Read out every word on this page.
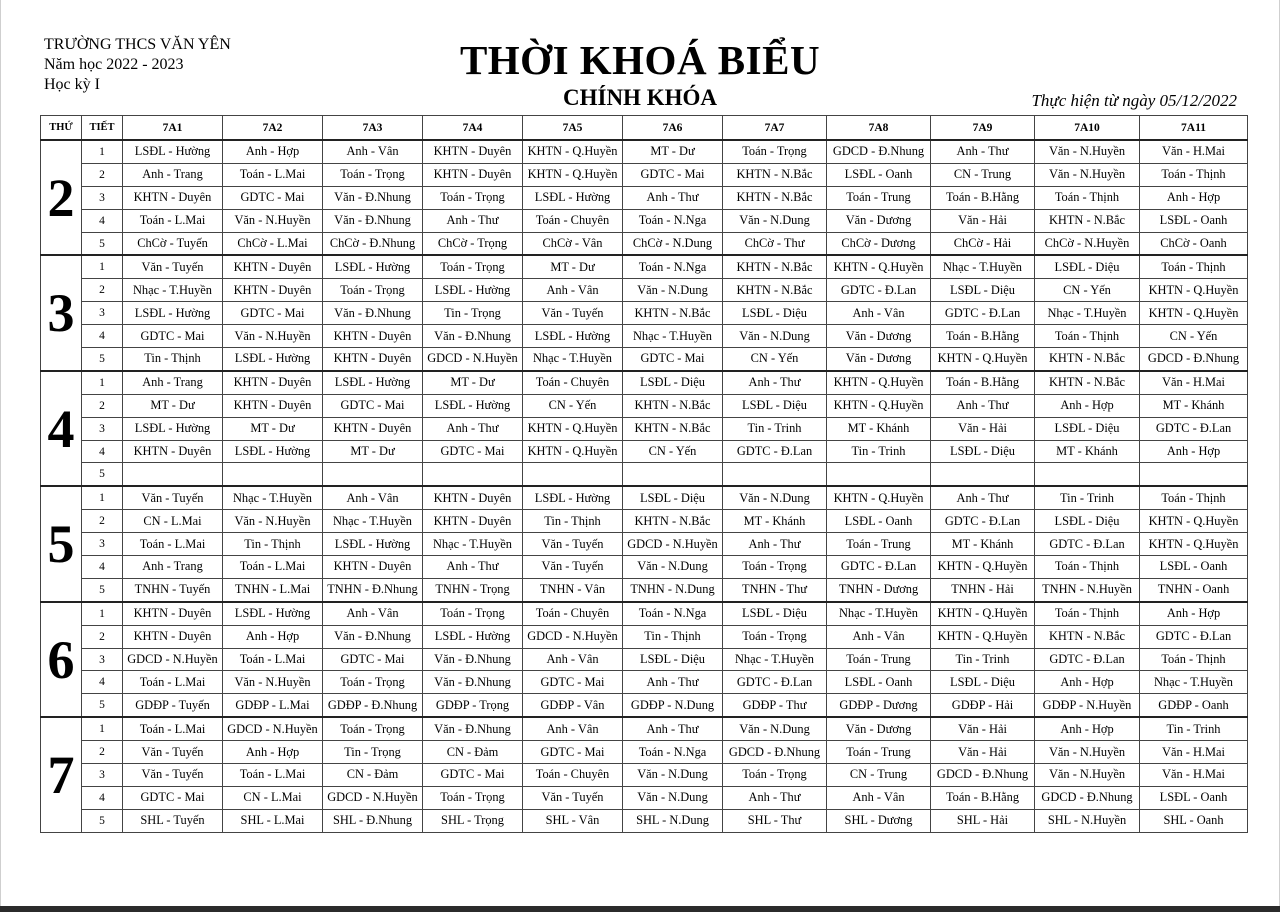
TRƯỜNG THCS VĂN YÊN
Năm học 2022 - 2023
Học kỳ I
THỜI KHOÁ BIỂU
CHÍNH KHÓA	Thực hiện từ ngày 05/12/2022
THỨ	TIẾT	7A1	7A2	7A3	7A4	7A5	7A6	7A7	7A8	7A9	7A10	7A11
2	1	LSĐL - Hường	Anh - Hợp	Anh - Vân	KHTN - Duyên	KHTN - Q.Huyền	MT - Dư	Toán - Trọng	GDCD - Đ.Nhung	Anh - Thư	Văn - N.Huyền	Văn - H.Mai
	2	Anh - Trang	Toán - L.Mai	Toán - Trọng	KHTN - Duyên	KHTN - Q.Huyền	GDTC - Mai	KHTN - N.Bắc	LSĐL - Oanh	CN - Trung	Văn - N.Huyền	Toán - Thịnh
	3	KHTN - Duyên	GDTC - Mai	Văn - Đ.Nhung	Toán - Trọng	LSĐL - Hường	Anh - Thư	KHTN - N.Bắc	Toán - Trung	Toán - B.Hằng	Toán - Thịnh	Anh - Hợp
	4	Toán - L.Mai	Văn - N.Huyền	Văn - Đ.Nhung	Anh - Thư	Toán - Chuyên	Toán - N.Nga	Văn - N.Dung	Văn - Dương	Văn - Hải	KHTN - N.Bắc	LSĐL - Oanh
	5	ChCờ - Tuyến	ChCờ - L.Mai	ChCờ - Đ.Nhung	ChCờ - Trọng	ChCờ - Vân	ChCờ - N.Dung	ChCờ - Thư	ChCờ - Dương	ChCờ - Hải	ChCờ - N.Huyền	ChCờ - Oanh
3	1	Văn - Tuyến	KHTN - Duyên	LSĐL - Hường	Toán - Trọng	MT - Dư	Toán - N.Nga	KHTN - N.Bắc	KHTN - Q.Huyền	Nhạc - T.Huyền	LSĐL - Diệu	Toán - Thịnh
	2	Nhạc - T.Huyền	KHTN - Duyên	Toán - Trọng	LSĐL - Hường	Anh - Vân	Văn - N.Dung	KHTN - N.Bắc	GDTC - Đ.Lan	LSĐL - Diệu	CN - Yến	KHTN - Q.Huyền
	3	LSĐL - Hường	GDTC - Mai	Văn - Đ.Nhung	Tin - Trọng	Văn - Tuyến	KHTN - N.Bắc	LSĐL - Diệu	Anh - Vân	GDTC - Đ.Lan	Nhạc - T.Huyền	KHTN - Q.Huyền
	4	GDTC - Mai	Văn - N.Huyền	KHTN - Duyên	Văn - Đ.Nhung	LSĐL - Hường	Nhạc - T.Huyền	Văn - N.Dung	Văn - Dương	Toán - B.Hằng	Toán - Thịnh	CN - Yến
	5	Tin - Thịnh	LSĐL - Hường	KHTN - Duyên	GDCD - N.Huyền	Nhạc - T.Huyền	GDTC - Mai	CN - Yến	Văn - Dương	KHTN - Q.Huyền	KHTN - N.Bắc	GDCD - Đ.Nhung
4	1	Anh - Trang	KHTN - Duyên	LSĐL - Hường	MT - Dư	Toán - Chuyên	LSĐL - Diệu	Anh - Thư	KHTN - Q.Huyền	Toán - B.Hằng	KHTN - N.Bắc	Văn - H.Mai
	2	MT - Dư	KHTN - Duyên	GDTC - Mai	LSĐL - Hường	CN - Yến	KHTN - N.Bắc	LSĐL - Diệu	KHTN - Q.Huyền	Anh - Thư	Anh - Hợp	MT - Khánh
	3	LSĐL - Hường	MT - Dư	KHTN - Duyên	Anh - Thư	KHTN - Q.Huyền	KHTN - N.Bắc	Tin - Trinh	MT - Khánh	Văn - Hải	LSĐL - Diệu	GDTC - Đ.Lan
	4	KHTN - Duyên	LSĐL - Hường	MT - Dư	GDTC - Mai	KHTN - Q.Huyền	CN - Yến	GDTC - Đ.Lan	Tin - Trinh	LSĐL - Diệu	MT - Khánh	Anh - Hợp
	5											
5	1	Văn - Tuyến	Nhạc - T.Huyền	Anh - Vân	KHTN - Duyên	LSĐL - Hường	LSĐL - Diệu	Văn - N.Dung	KHTN - Q.Huyền	Anh - Thư	Tin - Trinh	Toán - Thịnh
	2	CN - L.Mai	Văn - N.Huyền	Nhạc - T.Huyền	KHTN - Duyên	Tin - Thịnh	KHTN - N.Bắc	MT - Khánh	LSĐL - Oanh	GDTC - Đ.Lan	LSĐL - Diệu	KHTN - Q.Huyền
	3	Toán - L.Mai	Tin - Thịnh	LSĐL - Hường	Nhạc - T.Huyền	Văn - Tuyến	GDCD - N.Huyền	Anh - Thư	Toán - Trung	MT - Khánh	GDTC - Đ.Lan	KHTN - Q.Huyền
	4	Anh - Trang	Toán - L.Mai	KHTN - Duyên	Anh - Thư	Văn - Tuyến	Văn - N.Dung	Toán - Trọng	GDTC - Đ.Lan	KHTN - Q.Huyền	Toán - Thịnh	LSĐL - Oanh
	5	TNHN - Tuyến	TNHN - L.Mai	TNHN - Đ.Nhung	TNHN - Trọng	TNHN - Vân	TNHN - N.Dung	TNHN - Thư	TNHN - Dương	TNHN - Hải	TNHN - N.Huyền	TNHN - Oanh
6	1	KHTN - Duyên	LSĐL - Hường	Anh - Vân	Toán - Trọng	Toán - Chuyên	Toán - N.Nga	LSĐL - Diệu	Nhạc - T.Huyền	KHTN - Q.Huyền	Toán - Thịnh	Anh - Hợp
	2	KHTN - Duyên	Anh - Hợp	Văn - Đ.Nhung	LSĐL - Hường	GDCD - N.Huyền	Tin - Thịnh	Toán - Trọng	Anh - Vân	KHTN - Q.Huyền	KHTN - N.Bắc	GDTC - Đ.Lan
	3	GDCD - N.Huyền	Toán - L.Mai	GDTC - Mai	Văn - Đ.Nhung	Anh - Vân	LSĐL - Diệu	Nhạc - T.Huyền	Toán - Trung	Tin - Trinh	GDTC - Đ.Lan	Toán - Thịnh
	4	Toán - L.Mai	Văn - N.Huyền	Toán - Trọng	Văn - Đ.Nhung	GDTC - Mai	Anh - Thư	GDTC - Đ.Lan	LSĐL - Oanh	LSĐL - Diệu	Anh - Hợp	Nhạc - T.Huyền
	5	GDĐP - Tuyến	GDĐP - L.Mai	GDĐP - Đ.Nhung	GDĐP - Trọng	GDĐP - Vân	GDĐP - N.Dung	GDĐP - Thư	GDĐP - Dương	GDĐP - Hải	GDĐP - N.Huyền	GDĐP - Oanh
7	1	Toán - L.Mai	GDCD - N.Huyền	Toán - Trọng	Văn - Đ.Nhung	Anh - Vân	Anh - Thư	Văn - N.Dung	Văn - Dương	Văn - Hải	Anh - Hợp	Tin - Trinh
	2	Văn - Tuyến	Anh - Hợp	Tin - Trọng	CN - Đảm	GDTC - Mai	Toán - N.Nga	GDCD - Đ.Nhung	Toán - Trung	Văn - Hải	Văn - N.Huyền	Văn - H.Mai
	3	Văn - Tuyến	Toán - L.Mai	CN - Đảm	GDTC - Mai	Toán - Chuyên	Văn - N.Dung	Toán - Trọng	CN - Trung	GDCD - Đ.Nhung	Văn - N.Huyền	Văn - H.Mai
	4	GDTC - Mai	CN - L.Mai	GDCD - N.Huyền	Toán - Trọng	Văn - Tuyến	Văn - N.Dung	Anh - Thư	Anh - Vân	Toán - B.Hằng	GDCD - Đ.Nhung	LSĐL - Oanh
	5	SHL - Tuyến	SHL - L.Mai	SHL - Đ.Nhung	SHL - Trọng	SHL - Vân	SHL - N.Dung	SHL - Thư	SHL - Dương	SHL - Hải	SHL - N.Huyền	SHL - Oanh
